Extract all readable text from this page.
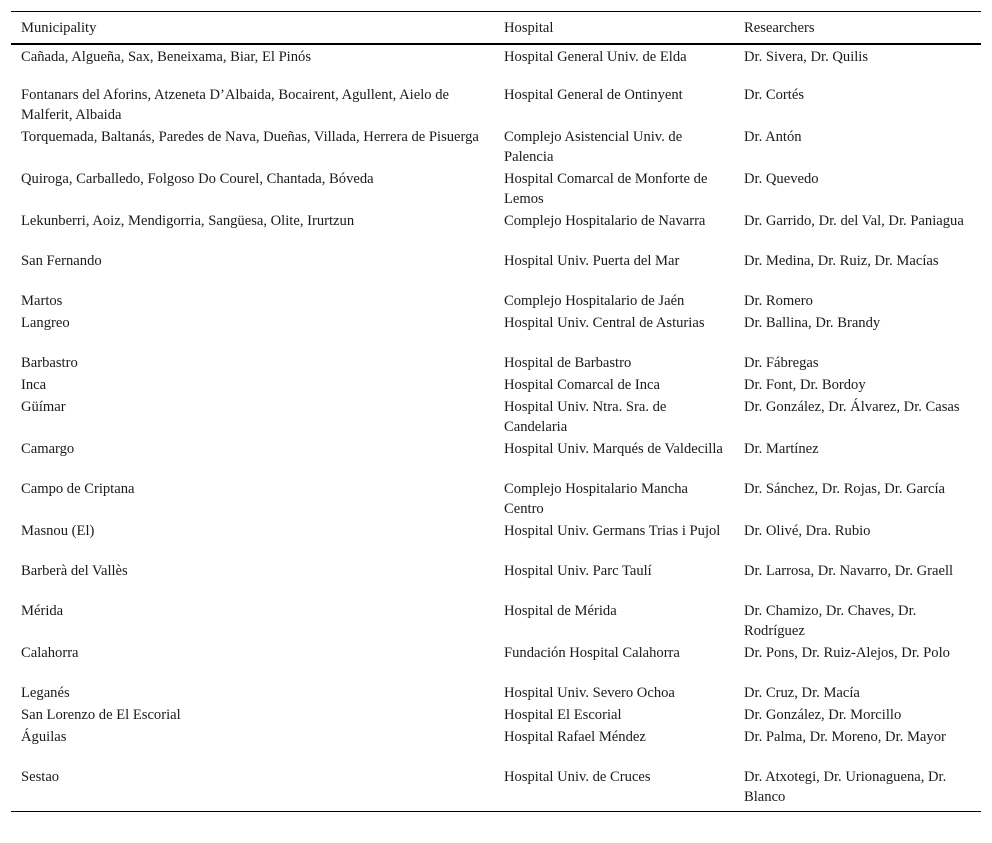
Municipality	Hospital	Researchers
Cañada, Algueña, Sax, Beneixama, Biar, El Pinós	Hospital General Univ. de Elda	Dr. Sivera, Dr. Quilis
Fontanars del Aforins, Atzeneta D’Albaida, Bocairent, Agullent, Aielo de Malferit, Albaida	Hospital General de Ontinyent	Dr. Cortés
Torquemada, Baltanás, Paredes de Nava, Dueñas, Villada, Herrera de Pisuerga	Complejo Asistencial Univ. de Palencia	Dr. Antón
Quiroga, Carballedo, Folgoso Do Courel, Chantada, Bóveda	Hospital Comarcal de Monforte de Lemos	Dr. Quevedo
Lekunberri, Aoiz, Mendigorria, Sangüesa, Olite, Irurtzun	Complejo Hospitalario de Navarra	Dr. Garrido, Dr. del Val, Dr. Paniagua
San Fernando	Hospital Univ. Puerta del Mar	Dr. Medina, Dr. Ruiz, Dr. Macías
Martos	Complejo Hospitalario de Jaén	Dr. Romero
Langreo	Hospital Univ. Central de Asturias	Dr. Ballina, Dr. Brandy
Barbastro	Hospital de Barbastro	Dr. Fábregas
Inca	Hospital Comarcal de Inca	Dr. Font, Dr. Bordoy
Güímar	Hospital Univ. Ntra. Sra. de Candelaria	Dr. González, Dr. Álvarez, Dr. Casas
Camargo	Hospital Univ. Marqués de Valdecilla	Dr. Martínez
Campo de Criptana	Complejo Hospitalario Mancha Centro	Dr. Sánchez, Dr. Rojas, Dr. García
Masnou (El)	Hospital Univ. Germans Trias i Pujol	Dr. Olivé, Dra. Rubio
Barberà del Vallès	Hospital Univ. Parc Taulí	Dr. Larrosa, Dr. Navarro, Dr. Graell
Mérida	Hospital de Mérida	Dr. Chamizo, Dr. Chaves, Dr. Rodríguez
Calahorra	Fundación Hospital Calahorra	Dr. Pons, Dr. Ruiz-Alejos, Dr. Polo
Leganés	Hospital Univ. Severo Ochoa	Dr. Cruz, Dr. Macía
San Lorenzo de El Escorial	Hospital El Escorial	Dr. González, Dr. Morcillo
Águilas	Hospital Rafael Méndez	Dr. Palma, Dr. Moreno, Dr. Mayor
Sestao	Hospital Univ. de Cruces	Dr. Atxotegi, Dr. Urionaguena, Dr. Blanco
